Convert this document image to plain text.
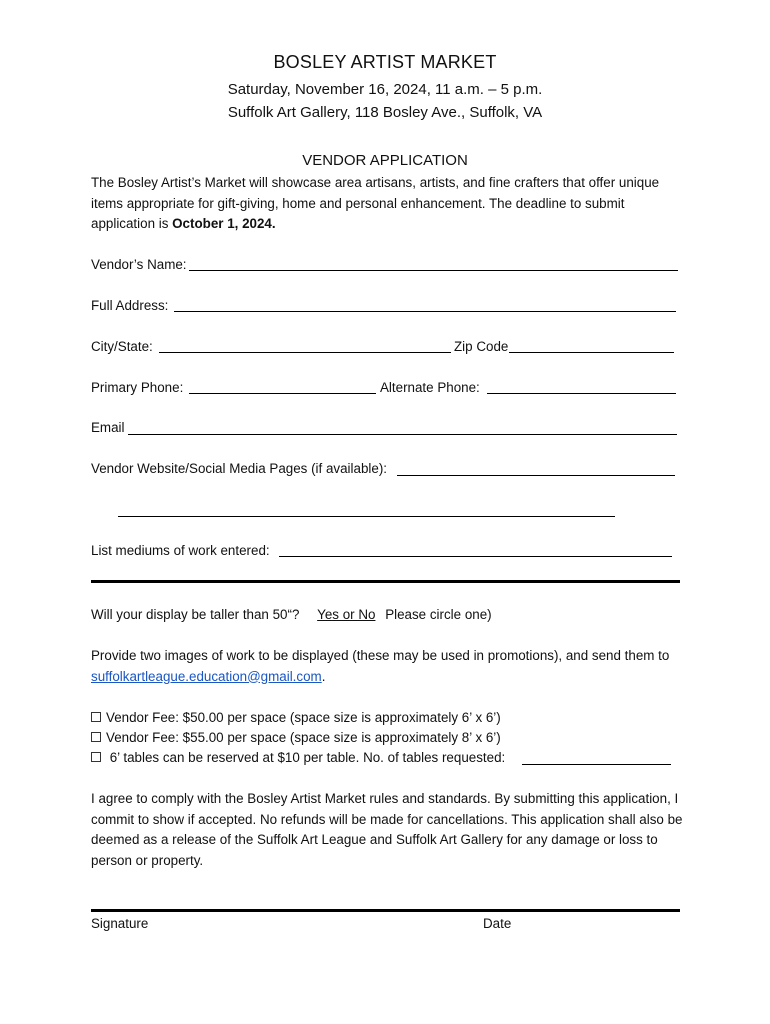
BOSLEY ARTIST MARKET
Saturday, November 16, 2024, 11 a.m. – 5 p.m.
Suffolk Art Gallery, 118 Bosley Ave., Suffolk, VA
VENDOR APPLICATION
The Bosley Artist’s Market will showcase area artisans, artists, and fine crafters that offer unique items appropriate for gift-giving, home and personal enhancement. The deadline to submit application is October 1, 2024.
Vendor’s Name:
Full Address:
City/State:	Zip Code
Primary Phone:	Alternate Phone:
Email
Vendor Website/Social Media Pages (if available):
List mediums of work entered:
Will your display be taller than 50“? Yes or No Please circle one)
Provide two images of work to be displayed (these may be used in promotions), and send them to suffolkartleague.education@gmail.com.
Vendor Fee: $50.00 per space (space size is approximately 6’ x 6’)
Vendor Fee: $55.00 per space (space size is approximately 8’ x 6’)
6’ tables can be reserved at $10 per table. No. of tables requested:
I agree to comply with the Bosley Artist Market rules and standards. By submitting this application, I commit to show if accepted. No refunds will be made for cancellations. This application shall also be deemed as a release of the Suffolk Art League and Suffolk Art Gallery for any damage or loss to person or property.
Signature	Date
